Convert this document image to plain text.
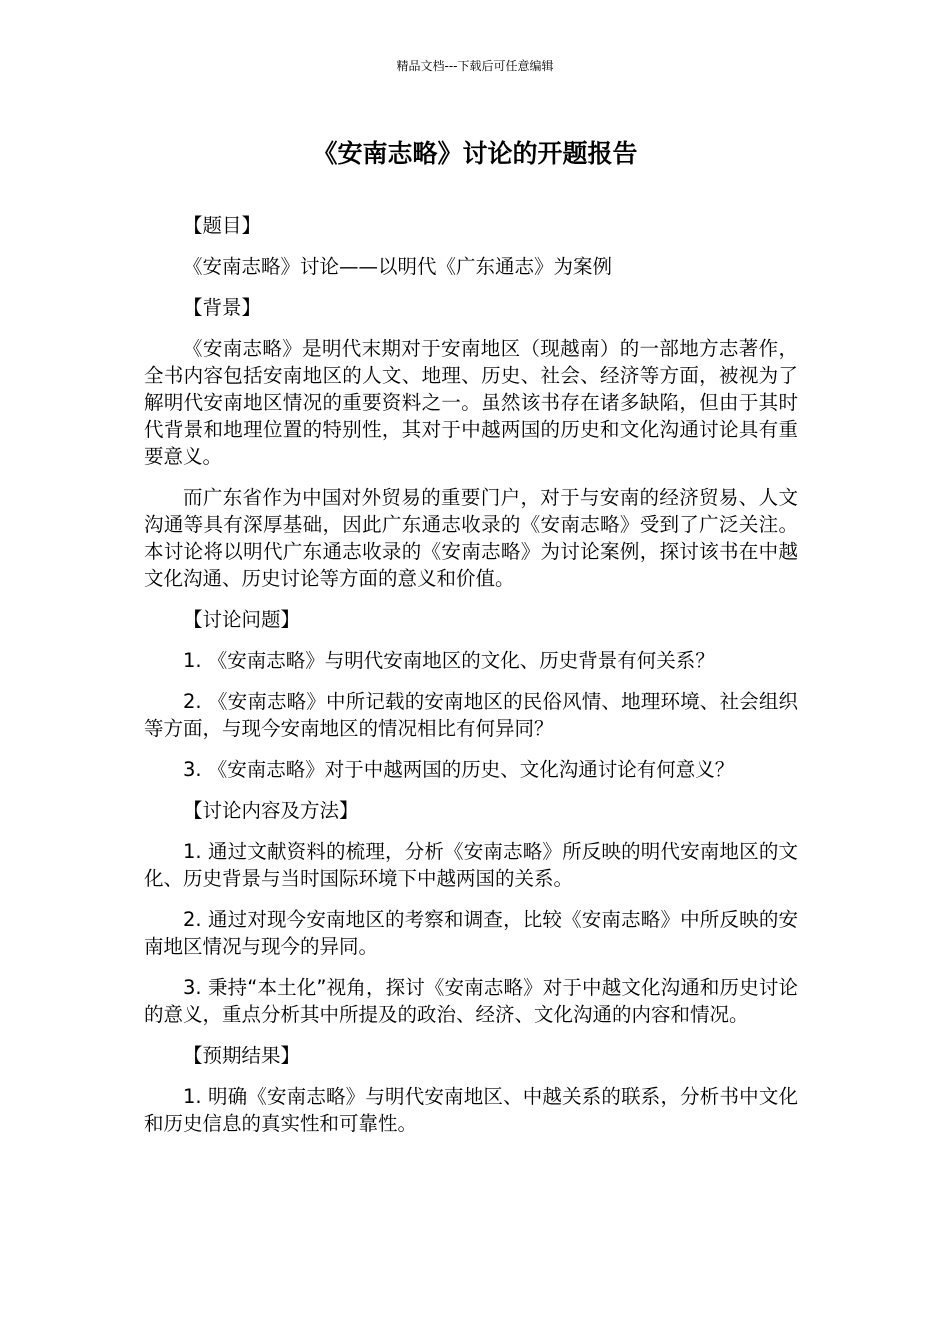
精品文档---下载后可任意编辑
《安南志略》讨论的开题报告

【题目】

《安南志略》讨论——以明代《广东通志》为案例

【背景】

《安南志略》是明代末期对于安南地区（现越南）的一部地方志著作，全书内容包括安南地区的人文、地理、历史、社会、经济等方面，被视为了解明代安南地区情况的重要资料之一。虽然该书存在诸多缺陷，但由于其时代背景和地理位置的特别性，其对于中越两国的历史和文化沟通讨论具有重要意义。

而广东省作为中国对外贸易的重要门户，对于与安南的经济贸易、人文沟通等具有深厚基础，因此广东通志收录的《安南志略》受到了广泛关注。本讨论将以明代广东通志收录的《安南志略》为讨论案例，探讨该书在中越文化沟通、历史讨论等方面的意义和价值。

【讨论问题】

1. 《安南志略》与明代安南地区的文化、历史背景有何关系？

2. 《安南志略》中所记载的安南地区的民俗风情、地理环境、社会组织等方面，与现今安南地区的情况相比有何异同？

3. 《安南志略》对于中越两国的历史、文化沟通讨论有何意义？

【讨论内容及方法】

1. 通过文献资料的梳理，分析《安南志略》所反映的明代安南地区的文化、历史背景与当时国际环境下中越两国的关系。

2. 通过对现今安南地区的考察和调查，比较《安南志略》中所反映的安南地区情况与现今的异同。

3. 秉持“本土化”视角，探讨《安南志略》对于中越文化沟通和历史讨论的意义，重点分析其中所提及的政治、经济、文化沟通的内容和情况。

【预期结果】

1. 明确《安南志略》与明代安南地区、中越关系的联系，分析书中文化和历史信息的真实性和可靠性。
